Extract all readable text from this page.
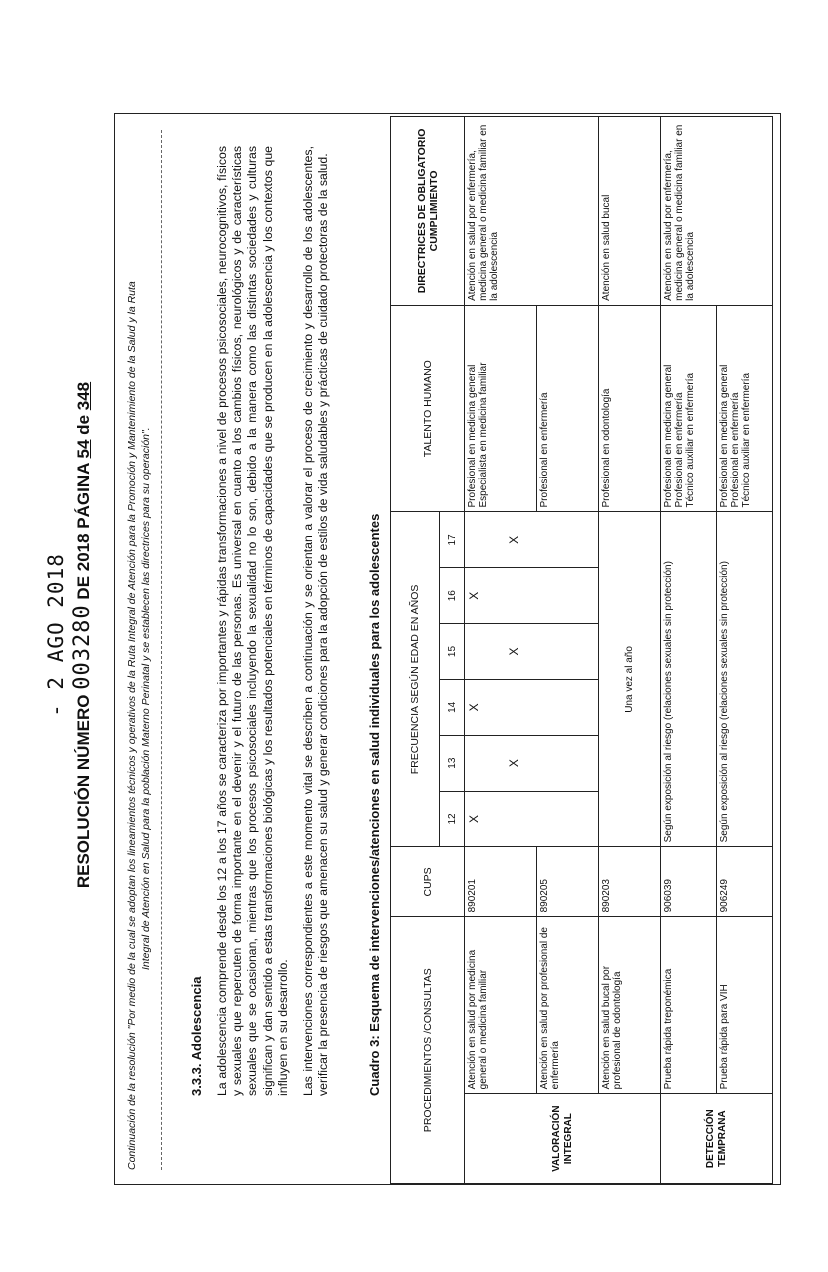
- 2 AGO 2018
RESOLUCIÓN NÚMERO 003280 DE 2018 PÁGINA 54 de 348	Continuación de la resolución "Por medio de la cual se adoptan los lineamientos técnicos y operativos de la Ruta Integral de Atención para la Promoción y Mantenimiento de la Salud y la Ruta Integral de Atención en Salud para la población Materno Perinatal y se establecen las directrices para su operación".
3.3.3. Adolescencia La adolescencia comprende desde los 12 a los 17 años se caracteriza por importantes y rápidas transformaciones a nivel de procesos psicosociales, neurocognitivos, físicos y sexuales que repercuten de forma importante en el devenir y el futuro de las personas. Es universal en cuanto a los cambios físicos, neurológicos y de características sexuales que se ocasionan, mientras que los procesos psicosociales incluyendo la sexualidad no lo son, debido a la manera como las distintas sociedades y culturas significan y dan sentido a estas transformaciones biológicas y los resultados potenciales en términos de capacidades que se producen en la adolescencia y los contextos que influyen en su desarrollo. Las intervenciones correspondientes a este momento vital se describen a continuación y se orientan a valorar el proceso de crecimiento y desarrollo de los adolescentes, verificar la presencia de riesgos que amenacen su salud y generar condiciones para la adopción de estilos de vida saludables y prácticas de cuidado protectoras de la salud.	Cuadro 3: Esquema de intervenciones/atenciones en salud individuales para los adolescentes	PROCEDIMIENTOS /CONSULTAS		CUPS	FRECUENCIA SEGÚN EDAD EN AÑOS						TALENTO HUMANO	DIRECTRICES DE OBLIGATORIO CUMPLIMIENTO
			12	13	14	15	16	17		
VALORACIÓN INTEGRAL	Atención en salud por medicina general o medicina familiar	890201	X	X	X	X	X	X	Profesional en medicina general Especialista en medicina familiar	Atención en salud por enfermería, medicina general o medicina familiar en la adolescencia
	Atención en salud por profesional de enfermería	890205							Profesional en enfermería	
	Atención en salud bucal por profesional de odontología	890203	Una vez al año						Profesional en odontología	Atención en salud bucal
DETECCIÓN TEMPRANA	Prueba rápida treponémica	906039	Según exposición al riesgo (relaciones sexuales sin protección)						Profesional en medicina general Profesional en enfermería Técnico auxiliar en enfermería	Atención en salud por enfermería, medicina general o medicina familiar en la adolescencia
	Prueba rápida para VIH	906249	Según exposición al riesgo (relaciones sexuales sin protección)						Profesional en medicina general Profesional en enfermería Técnico auxiliar en enfermería	
